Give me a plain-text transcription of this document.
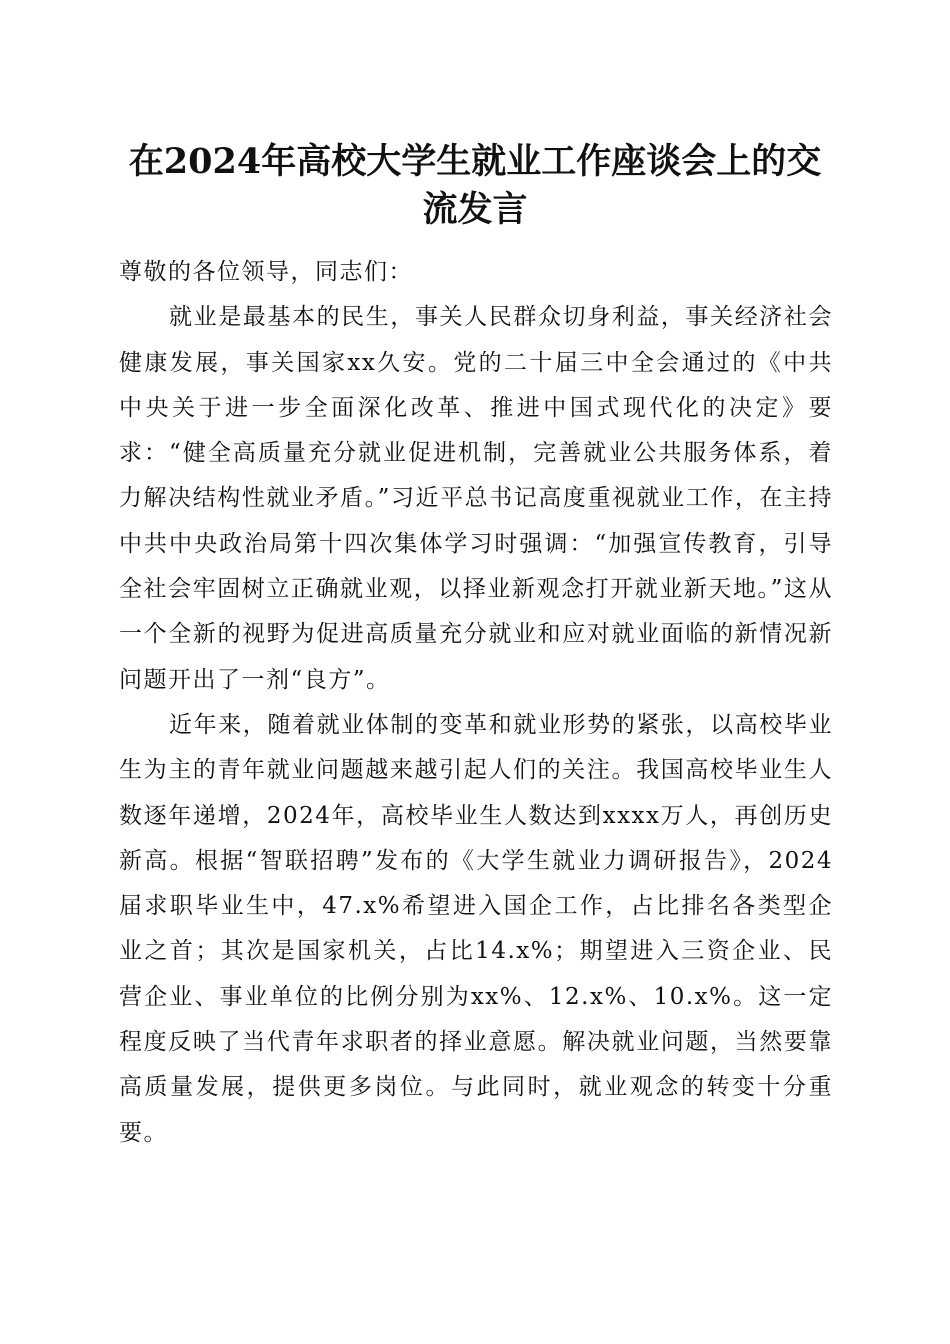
在2024年高校大学生就业工作座谈会上的交
流发言

尊敬的各位领导，同志们：

就业是最基本的民生，事关人民群众切身利益，事关经济社会健康发展，事关国家xx久安。党的二十届三中全会通过的《中共中央关于进一步全面深化改革、推进中国式现代化的决定》要求：“健全高质量充分就业促进机制，完善就业公共服务体系，着力解决结构性就业矛盾。”习近平总书记高度重视就业工作，在主持中共中央政治局第十四次集体学习时强调：“加强宣传教育，引导全社会牢固树立正确就业观，以择业新观念打开就业新天地。”这从一个全新的视野为促进高质量充分就业和应对就业面临的新情况新问题开出了一剂“良方”。

近年来，随着就业体制的变革和就业形势的紧张，以高校毕业生为主的青年就业问题越来越引起人们的关注。我国高校毕业生人数逐年递增，2024年，高校毕业生人数达到xxxx万人，再创历史新高。根据“智联招聘”发布的《大学生就业力调研报告》，2024届求职毕业生中，47.x%希望进入国企工作，占比排名各类型企业之首；其次是国家机关，占比14.x%；期望进入三资企业、民营企业、事业单位的比例分别为xx%、12.x%、10.x%。这一定程度反映了当代青年求职者的择业意愿。解决就业问题，当然要靠高质量发展，提供更多岗位。与此同时，就业观念的转变十分重要。
